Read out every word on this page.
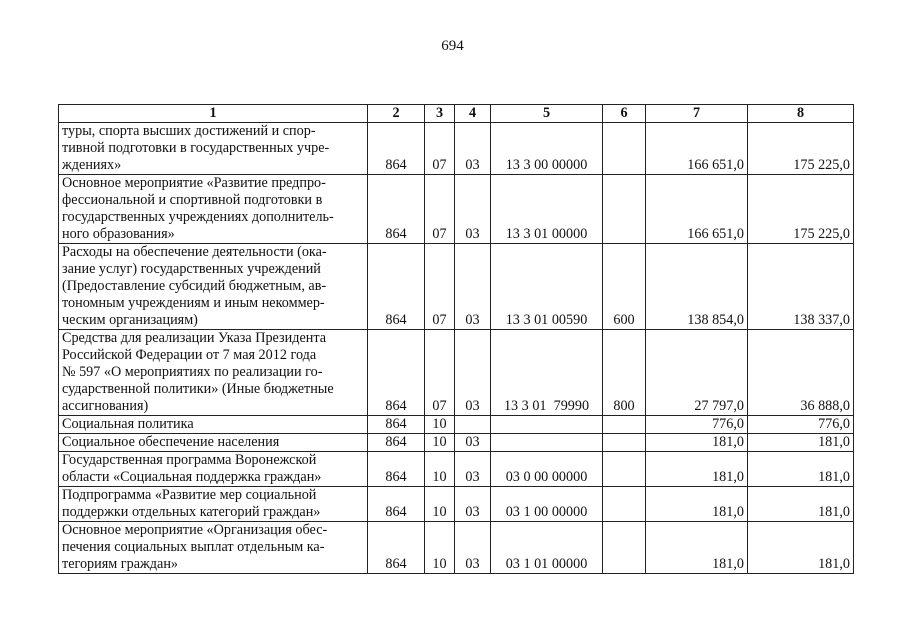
694
1	2	3	4	5	6	7	8
туры, спорта высших достижений и спор-
тивной подготовки в государственных учре-
ждениях»	864	07	03	13 3 00 00000		166 651,0	175 225,0
Основное мероприятие «Развитие предпро-
фессиональной и спортивной подготовки в
государственных учреждениях дополнитель-
ного образования»	864	07	03	13 3 01 00000		166 651,0	175 225,0
Расходы на обеспечение деятельности (ока-
зание услуг) государственных учреждений
(Предоставление субсидий бюджетным, ав-
тономным учреждениям и иным некоммер-
ческим организациям)	864	07	03	13 3 01 00590	600	138 854,0	138 337,0
Средства для реализации Указа Президента
Российской Федерации от 7 мая 2012 года
№ 597 «О мероприятиях по реализации го-
сударственной политики» (Иные бюджетные
ассигнования)	864	07	03	13 3 01  79990	800	27 797,0	36 888,0
Социальная политика	864	10				776,0	776,0
Социальное обеспечение населения	864	10	03			181,0	181,0
Государственная программа Воронежской
области «Социальная поддержка граждан»	864	10	03	03 0 00 00000		181,0	181,0
Подпрограмма «Развитие мер социальной
поддержки отдельных категорий граждан»	864	10	03	03 1 00 00000		181,0	181,0
Основное мероприятие «Организация обес-
печения социальных выплат отдельным ка-
тегориям граждан»	864	10	03	03 1 01 00000		181,0	181,0
